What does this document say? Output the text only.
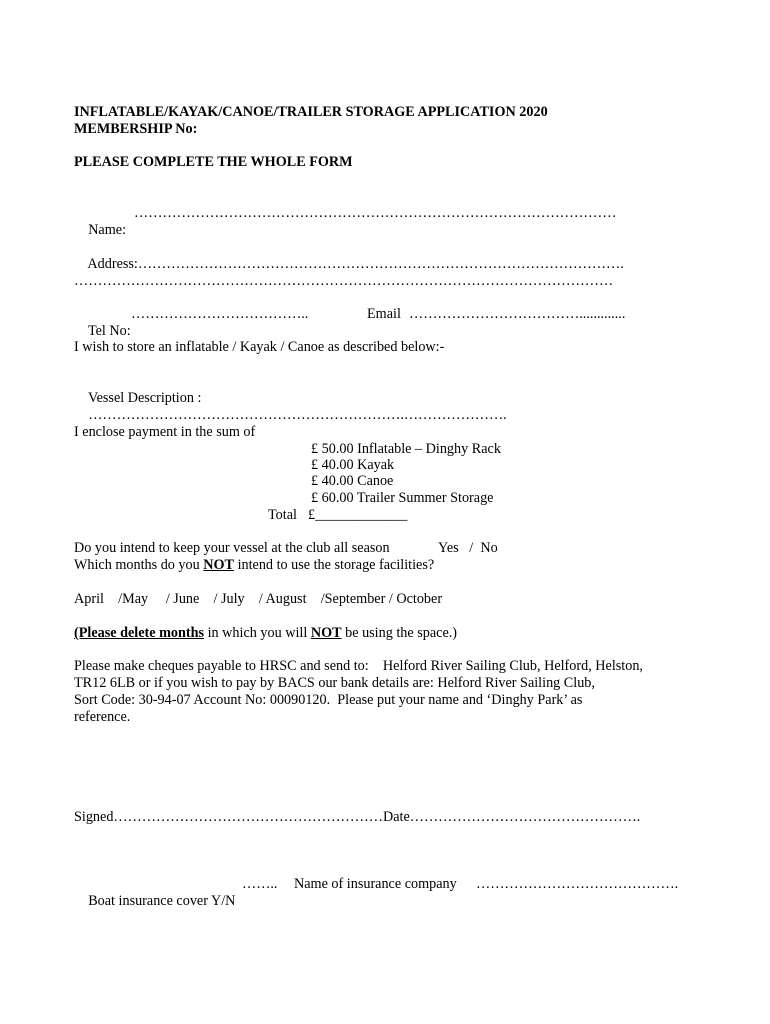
INFLATABLE/KAYAK/CANOE/TRAILER STORAGE APPLICATION 2020
MEMBERSHIP No:
PLEASE COMPLETE THE WHOLE FORM

Name:

…………………………………………………………………………………………

Address:………………………………………………………………………………………….

……………………………………………………………………………………………………

Tel No:

………………………………..

	Email

……………………………….............

I wish to store an inflatable / Kayak / Canoe as described below:-

Vessel Description :
………………………………………………………….………………….

I enclose payment in the sum of
£ 50.00 Inflatable – Dinghy Rack
£ 40.00 Kayak
£ 40.00 Canoe
£ 60.00 Trailer Summer Storage
Total £_____________
Do you intend to keep your vessel at the club all season	Yes   /  No
Which months do you NOT intend to use the storage facilities?
April    /May     / June    / July    / August    /September / October
(Please delete months in which you will NOT be using the space.)
Please make cheques payable to HRSC and send to:    Helford River Sailing Club, Helford, Helston,
TR12 6LB or if you wish to pay by BACS our bank details are: Helford River Sailing Club,
Sort Code: 30-94-07 Account No: 00090120.  Please put your name and ‘Dinghy Park’ as
reference.
Signed…………………………………………………Date………………………………………….

Boat insurance cover Y/N

……..

Name of insurance company

…………………………………….
